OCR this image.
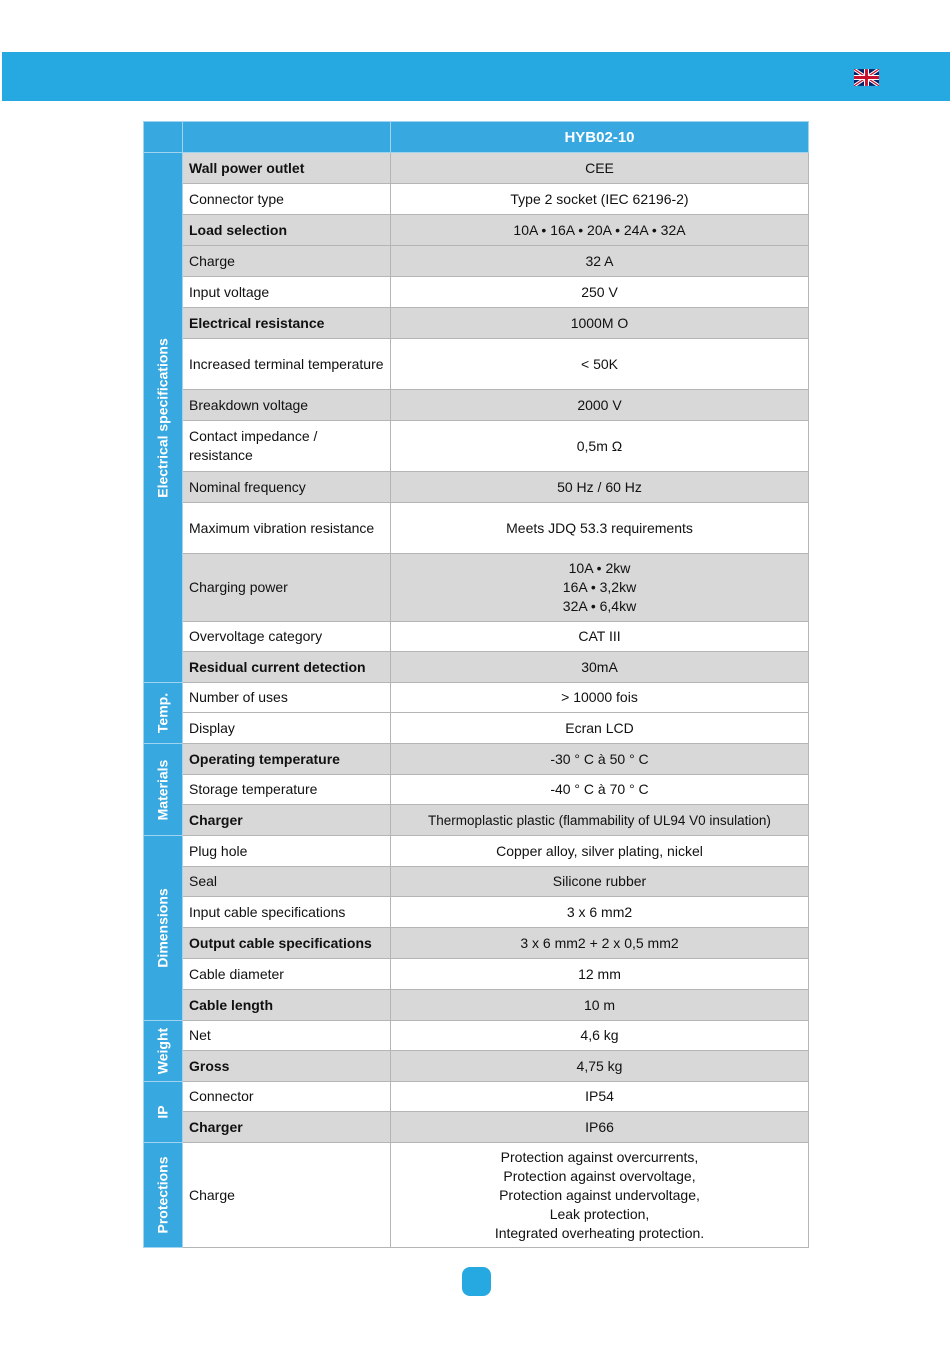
		HYB02-10

Electrical specifications	Wall power outlet	CEE
	Connector type	Type 2 socket (IEC 62196-2)
	Load selection	10A • 16A • 20A • 24A • 32A
	Charge	32 A
	Input voltage	250 V
	Electrical resistance	1000M O
	Increased terminal temperature	< 50K
	Breakdown voltage	2000 V
	Contact impedance / resistance	0,5m Ω
	Nominal frequency	50 Hz / 60 Hz
	Maximum vibration resistance	Meets JDQ 53.3 requirements
	Charging power	10A • 2kw
16A • 3,2kw
32A • 6,4kw

	Overvoltage category	CAT III
	Residual current detection	30mA

Temp.	Number of uses	> 10000 fois
	Display	Ecran LCD

Materials	Operating temperature	-30 ° C à 50 ° C
	Storage temperature	-40 ° C à 70 ° C
	Charger	Thermoplastic plastic (flammability of UL94 V0 insulation)

Dimensions	Plug hole	Copper alloy, silver plating, nickel
	Seal	Silicone rubber
	Input cable specifications	3 x 6 mm2
	Output cable specifications	3 x 6 mm2 + 2 x 0,5 mm2
	Cable diameter	12 mm
	Cable length	10 m

Weight	Net	4,6 kg
	Gross	4,75 kg

IP	Connector	IP54
	Charger	IP66

Protections	Charge	Protection against overcurrents,
Protection against overvoltage,
Protection against undervoltage,
Leak protection,
Integrated overheating protection.
